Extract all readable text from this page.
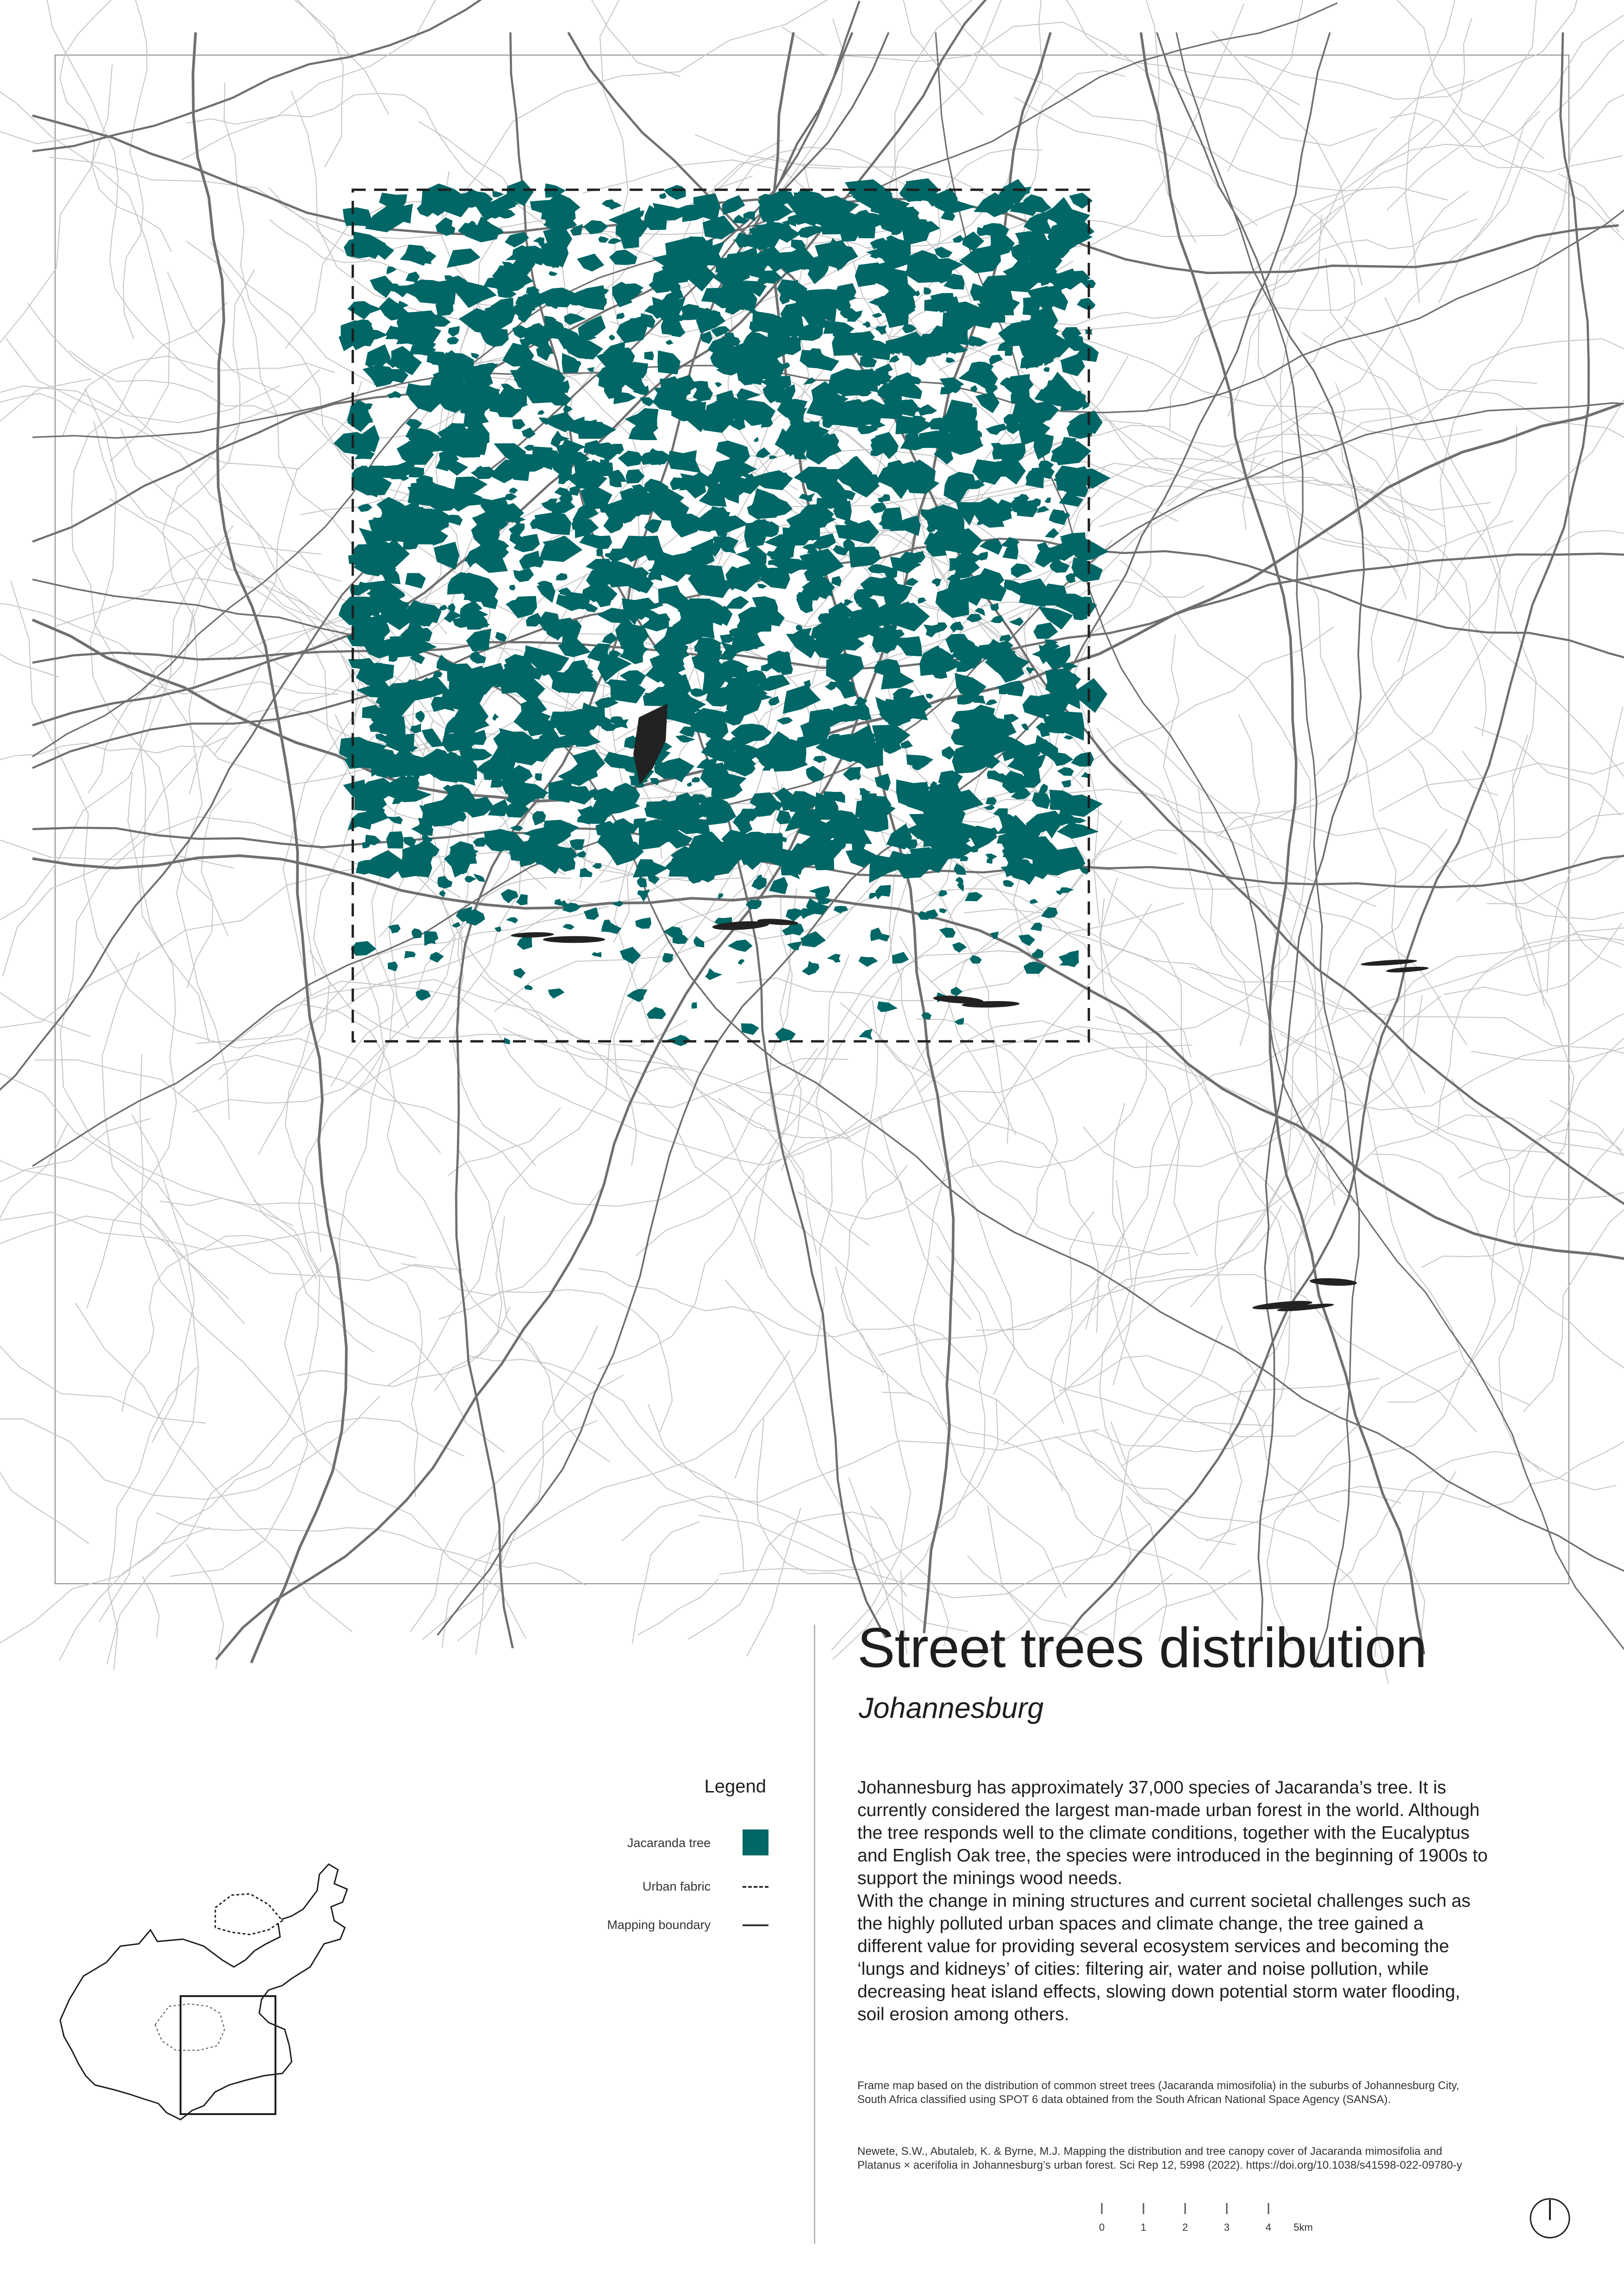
Street trees distribution
Johannesburg

Johannesburg has approximately 37,000 species of Jacaranda’s tree. It is currently considered the largest man-made urban forest in the world. Although the tree responds well to the climate conditions, together with the Eucalyptus and English Oak tree, the species were introduced in the beginning of 1900s to support the minings wood needs.

With the change in mining structures and current societal challenges such as the highly polluted urban spaces and climate change, the tree gained a different value for providing several ecosystem services and becoming the ‘lungs and kidneys’ of cities: filtering air, water and noise pollution, while decreasing heat island effects, slowing down potential storm water flooding, soil erosion among others.

Frame map based on the distribution of common street trees (Jacaranda mimosifolia) in the suburbs of Johannesburg City, South Africa classified using SPOT 6 data obtained from the South African National Space Agency (SANSA).
Newete, S.W., Abutaleb, K. & Byrne, M.J. Mapping the distribution and tree canopy cover of Jacaranda mimosifolia and Platanus × acerifolia in Johannesburg’s urban forest. Sci Rep 12, 5998 (2022). https://doi.org/10.1038/s41598-022-09780-y
Legend
Jacaranda tree
Urban fabric
Mapping boundary
0	1	2	3	4 5km
